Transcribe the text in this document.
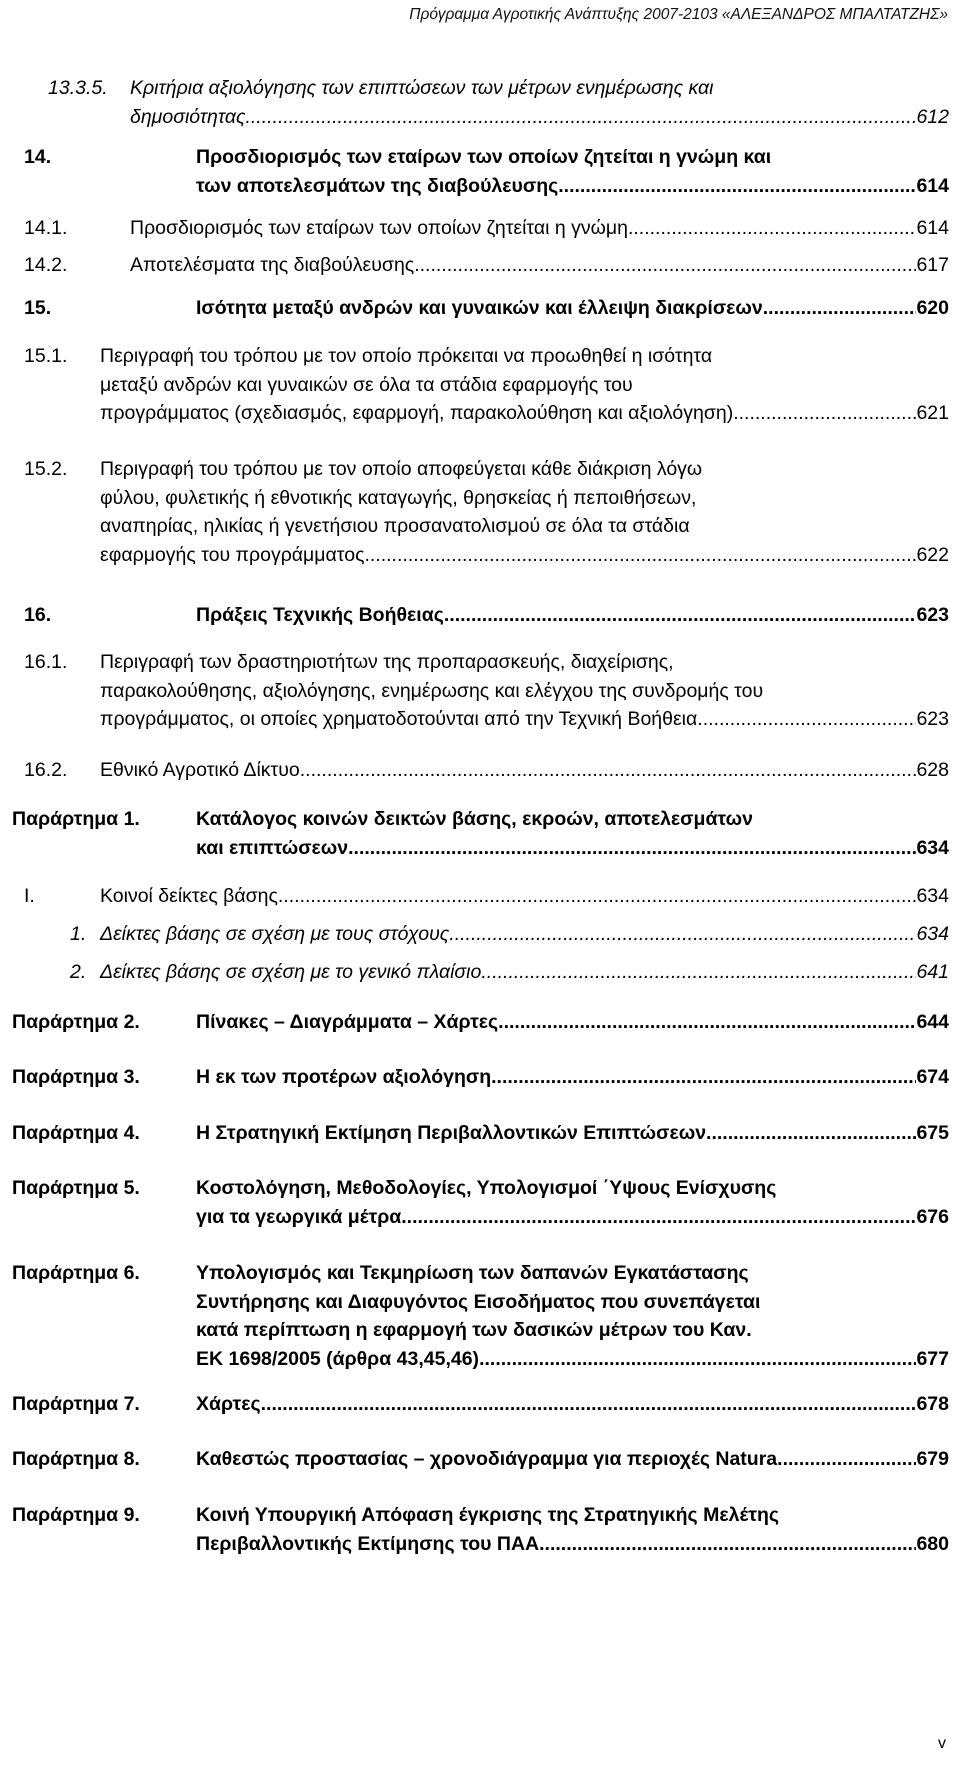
Πρόγραμμα Αγροτικής Ανάπτυξης 2007-2103 «ΑΛΕΞΑΝΔΡΟΣ ΜΠΑΛΤΑΤΖΗΣ»
13.3.5. Κριτήρια αξιολόγησης των επιπτώσεων των μέτρων ενημέρωσης και
δημοσιότητας. .....	612
14.	Προσδιορισμός των εταίρων των οποίων ζητείται η γνώμη και
των αποτελεσμάτων της διαβούλευσης .....	614
14.1.	Προσδιορισμός των εταίρων των οποίων ζητείται η γνώμη .....	614
14.2.	Αποτελέσματα της διαβούλευσης .....	617
15.	Ισότητα μεταξύ ανδρών και γυναικών και έλλειψη διακρίσεων .....	620
15.1. Περιγραφή του τρόπου με τον οποίο πρόκειται να προωθηθεί η ισότητα
μεταξύ ανδρών και γυναικών σε όλα τα στάδια εφαρμογής του
προγράμματος (σχεδιασμός, εφαρμογή, παρακολούθηση και αξιολόγηση) .....	621
15.2. Περιγραφή του τρόπου με τον οποίο αποφεύγεται κάθε διάκριση λόγω
φύλου, φυλετικής ή εθνοτικής καταγωγής, θρησκείας ή πεποιθήσεων,
αναπηρίας, ηλικίας ή γενετήσιου προσανατολισμού σε όλα τα στάδια
εφαρμογής του προγράμματος .....	622
16.	Πράξεις Τεχνικής Βοήθειας .....	623
16.1. Περιγραφή των δραστηριοτήτων της προπαρασκευής, διαχείρισης,
παρακολούθησης, αξιολόγησης, ενημέρωσης και ελέγχου της συνδρομής του
προγράμματος, οι οποίες χρηματοδοτούνται από την Τεχνική Βοήθεια .....	623
16.2. Εθνικό Αγροτικό Δίκτυο .....	628
Παράρτημα 1.	Κατάλογος κοινών δεικτών βάσης, εκροών, αποτελεσμάτων
και επιπτώσεων .....	634
I.	Κοινοί δείκτες βάσης .....	634
1. Δείκτες βάσης σε σχέση με τους στόχους .....	634
2. Δείκτες βάσης σε σχέση με το γενικό πλαίσιο .....	641
Παράρτημα 2.	Πίνακες – Διαγράμματα – Χάρτες .....	644
Παράρτημα 3.	Η εκ των προτέρων αξιολόγηση .....	674
Παράρτημα 4.	Η Στρατηγική Εκτίμηση Περιβαλλοντικών Επιπτώσεων .....	675
Παράρτημα 5.	Κοστολόγηση, Μεθοδολογίες, Υπολογισμοί ΄Υψους Ενίσχυσης
για τα γεωργικά μέτρα .....	676
Παράρτημα 6.	Υπολογισμός και Τεκμηρίωση των δαπανών Εγκατάστασης
Συντήρησης και Διαφυγόντος Εισοδήματος που συνεπάγεται
κατά περίπτωση η εφαρμογή των δασικών μέτρων του Καν.
ΕΚ 1698/2005 (άρθρα 43,45,46) .....	677
Παράρτημα 7.	Χάρτες .....	678
Παράρτημα 8.	Καθεστώς προστασίας – χρονοδιάγραμμα για περιοχές Natura .....	679
Παράρτημα 9.	Κοινή Υπουργική Απόφαση έγκρισης της Στρατηγικής Μελέτης
Περιβαλλοντικής Εκτίμησης του ΠΑΑ .....	680
v
